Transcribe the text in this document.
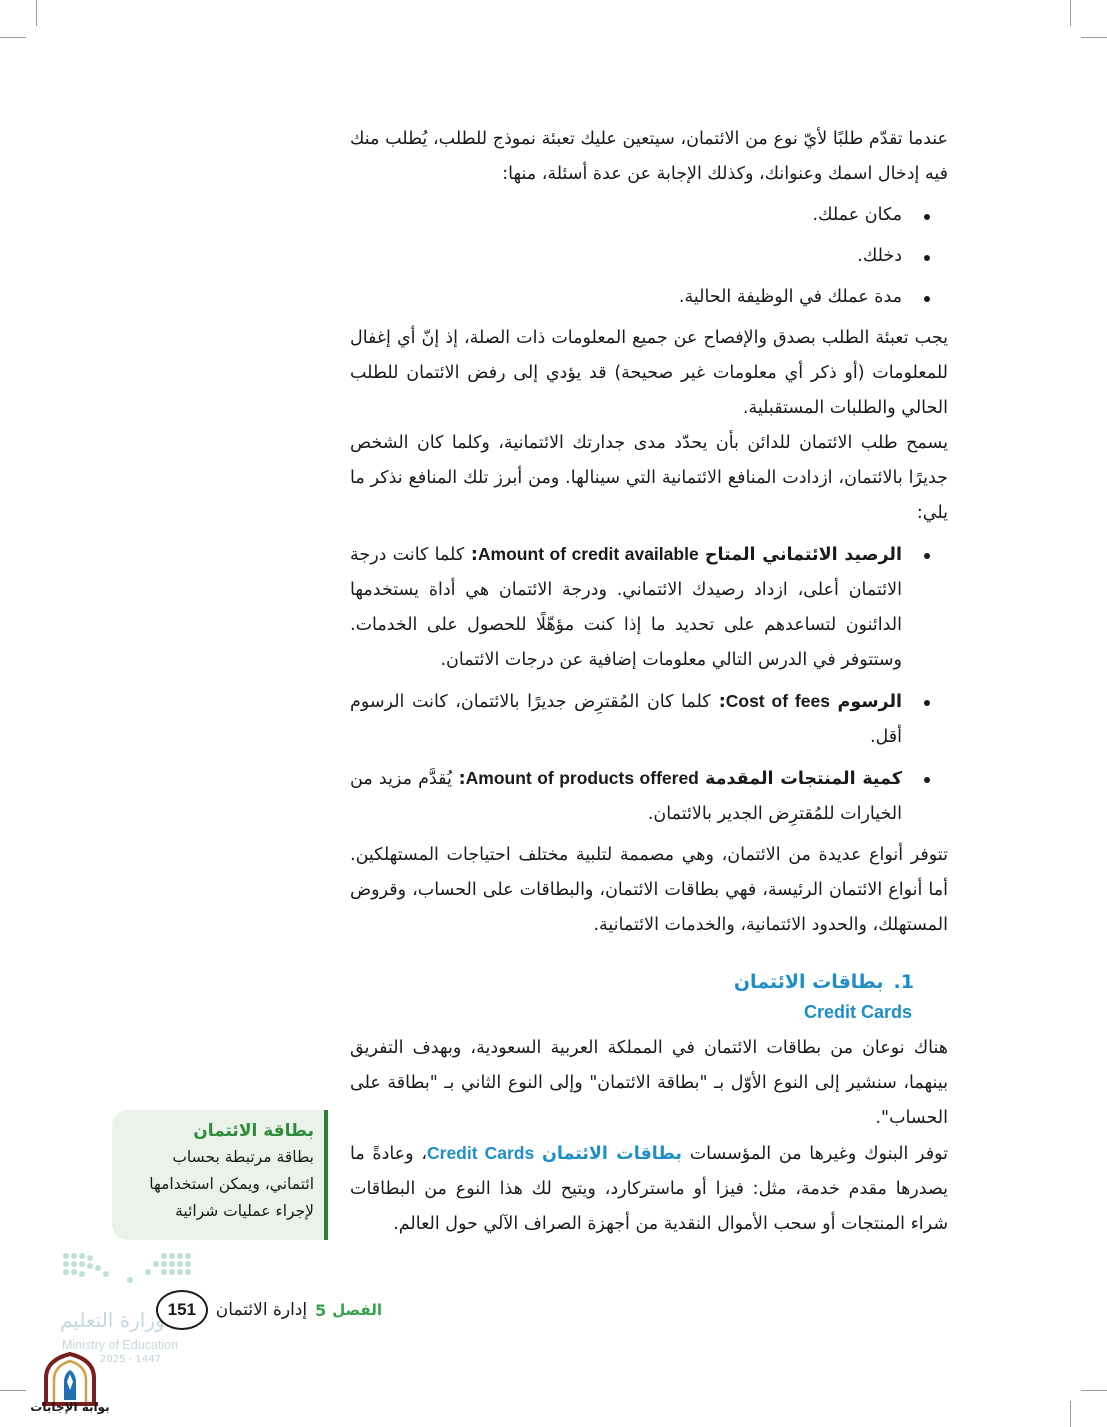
عندما تقدّم طلبًا لأيّ نوع من الائتمان، سيتعين عليك تعبئة نموذج للطلب، يُطلب منك فيه إدخال اسمك وعنوانك، وكذلك الإجابة عن عدة أسئلة، منها:

مكان عملك.
دخلك.
مدة عملك في الوظيفة الحالية.

يجب تعبئة الطلب بصدق والإفصاح عن جميع المعلومات ذات الصلة، إذ إنّ أي إغفال للمعلومات (أو ذكر أي معلومات غير صحيحة) قد يؤدي إلى رفض الائتمان للطلب الحالي والطلبات المستقبلية.

يسمح طلب الائتمان للدائن بأن يحدّد مدى جدارتك الائتمانية، وكلما كان الشخص جديرًا بالائتمان، ازدادت المنافع الائتمانية التي سينالها. ومن أبرز تلك المنافع نذكر ما يلي:

الرصيد الائتماني المتاح Amount of credit available: كلما كانت درجة الائتمان أعلى، ازداد رصيدك الائتماني. ودرجة الائتمان هي أداة يستخدمها الدائنون لتساعدهم على تحديد ما إذا كنت مؤهّلًا للحصول على الخدمات. وستتوفر في الدرس التالي معلومات إضافية عن درجات الائتمان.
الرسوم Cost of fees: كلما كان المُقترِض جديرًا بالائتمان، كانت الرسوم أقل.
كمية المنتجات المقدمة Amount of products offered: يُقدَّم مزيد من الخيارات للمُقترِض الجدير بالائتمان.

تتوفر أنواع عديدة من الائتمان، وهي مصممة لتلبية مختلف احتياجات المستهلكين. أما أنواع الائتمان الرئيسة، فهي بطاقات الائتمان، والبطاقات على الحساب، وقروض المستهلك، والحدود الائتمانية، والخدمات الائتمانية.

1.بطاقات الائتمان
Credit Cards

هناك نوعان من بطاقات الائتمان في المملكة العربية السعودية، وبهدف التفريق بينهما، سنشير إلى النوع الأوّل بـ "بطاقة الائتمان" وإلى النوع الثاني بـ "بطاقة على الحساب".

توفر البنوك وغيرها من المؤسسات بطاقات الائتمان Credit Cards، وعادةً ما يصدرها مقدم خدمة، مثل: فيزا أو ماستركارد، ويتيح لك هذا النوع من البطاقات شراء المنتجات أو سحب الأموال النقدية من أجهزة الصراف الآلي حول العالم.

بطاقة الائتمان
بطاقة مرتبطة بحساب ائتماني، ويمكن استخدامها لإجراء عمليات شرائية
وزارة التعليم
Ministry of Education
2025 - 1447
الفصل
5
إدارة الائتمان
151
بوابة الإجابات
